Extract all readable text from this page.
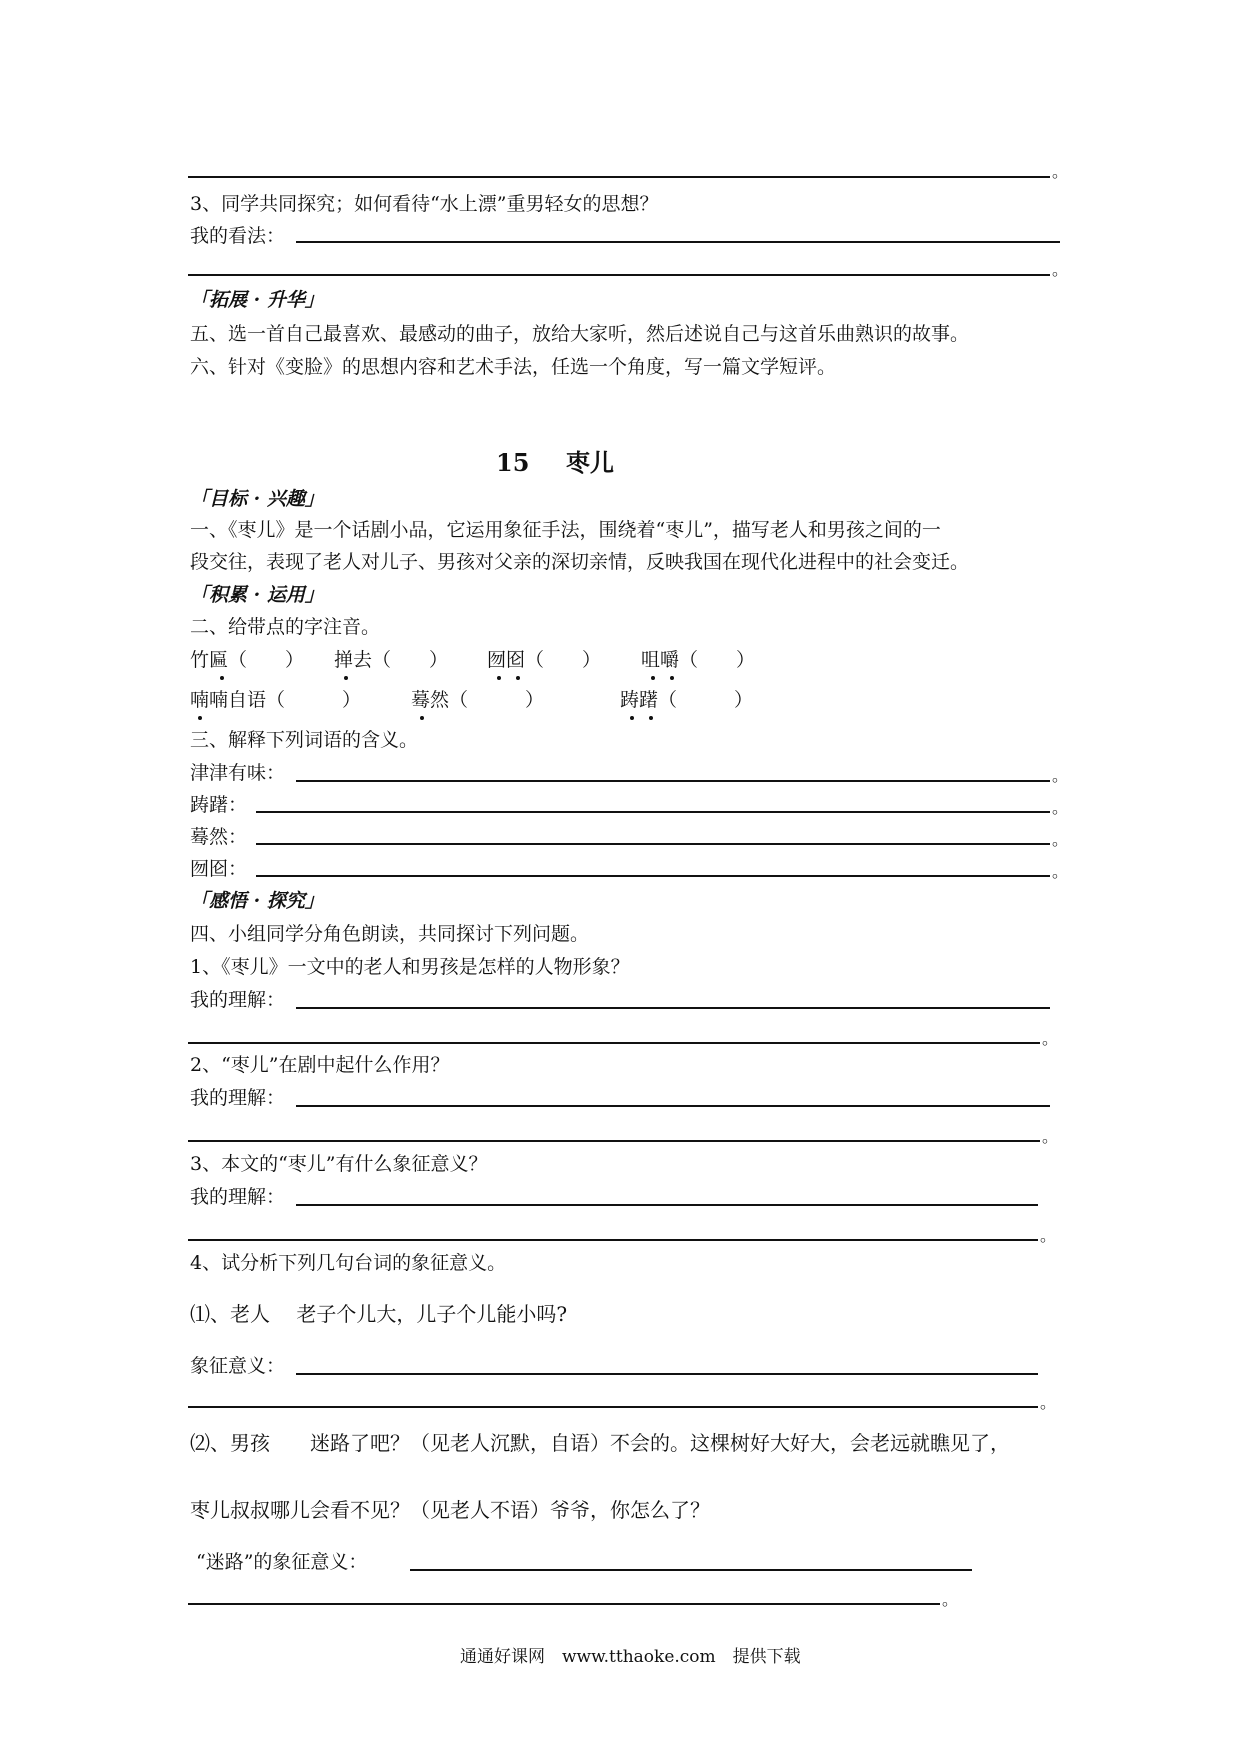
。
3、同学共同探究；如何看待“水上漂”重男轻女的思想？
我的看法：
。
「拓展 · 升华」
五、选一首自己最喜欢、最感动的曲子，放给大家听，然后述说自己与这首乐曲熟识的故事。
六、针对《变脸》的思想内容和艺术手法，任选一个角度，写一篇文学短评。
15 枣儿
「目标 · 兴趣」
一、《枣儿》是一个话剧小品，它运用象征手法，围绕着“枣儿”，描写老人和男孩之间的一
段交往，表现了老人对儿子、男孩对父亲的深切亲情，反映我国在现代化进程中的社会变迁。
「积累 · 运用」
二、给带点的字注音。
竹匾（　　） 掸去（　　） 囫囵（　　） 咀嚼（　　）
喃喃自语（　　　）	蓦然（　　　）	踌躇（　　　）
三、解释下列词语的含义。
津津有味：	。
踌躇：	。
蓦然：	。
囫囵：	。
「感悟 · 探究」
四、小组同学分角色朗读，共同探讨下列问题。
1、《枣儿》一文中的老人和男孩是怎样的人物形象？
我的理解：
。
2、“枣儿”在剧中起什么作用？
我的理解：
。
3、本文的“枣儿”有什么象征意义？
我的理解：
。
4、试分析下列几句台词的象征意义。
⑴、老人　 老子个儿大，儿子个儿能小吗?
象征意义：
。
⑵、男孩　　迷路了吧？（见老人沉默，自语）不会的。这棵树好大好大，会老远就瞧见了，
枣儿叔叔哪儿会看不见？（见老人不语）爷爷，你怎么了？
“迷路”的象征意义：
。
通通好课网　www.tthaoke.com　提供下载
